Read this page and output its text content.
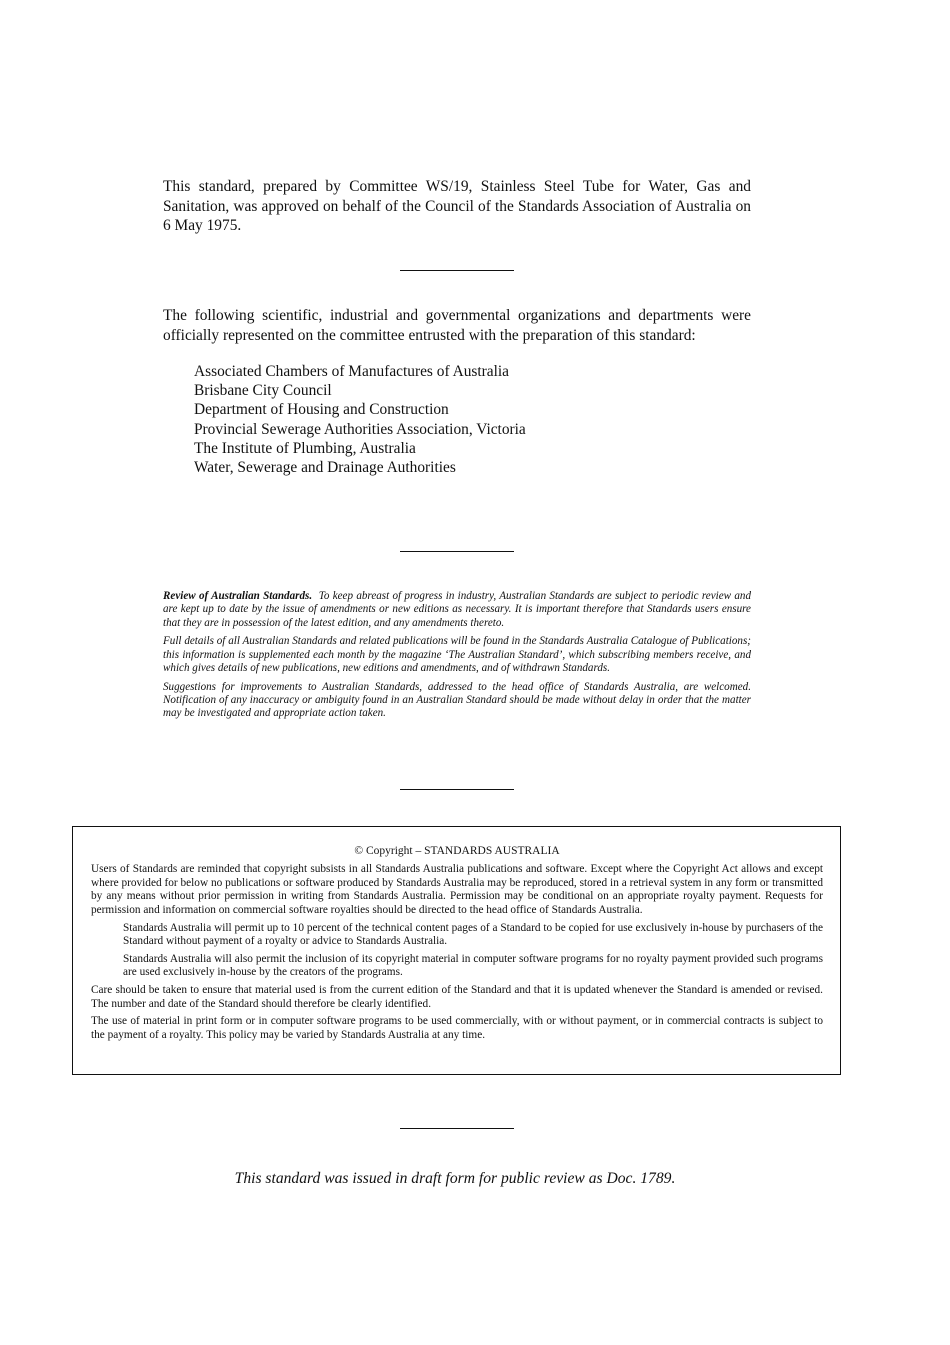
This standard, prepared by Committee WS/19, Stainless Steel Tube for Water, Gas and Sanitation, was approved on behalf of the Council of the Standards Association of Australia on 6 May 1975.
The following scientific, industrial and governmental organizations and departments were officially represented on the committee entrusted with the preparation of this standard:
Associated Chambers of Manufactures of Australia
Brisbane City Council
Department of Housing and Construction
Provincial Sewerage Authorities Association, Victoria
The Institute of Plumbing, Australia
Water, Sewerage and Drainage Authorities

Review of Australian Standards. To keep abreast of progress in industry, Australian Standards are subject to periodic review and are kept up to date by the issue of amendments or new editions as necessary. It is important therefore that Standards users ensure that they are in possession of the latest edition, and any amendments thereto.

Full details of all Australian Standards and related publications will be found in the Standards Australia Catalogue of Publications; this information is supplemented each month by the magazine ‘The Australian Standard’, which subscribing members receive, and which gives details of new publications, new editions and amendments, and of withdrawn Standards.

Suggestions for improvements to Australian Standards, addressed to the head office of Standards Australia, are welcomed. Notification of any inaccuracy or ambiguity found in an Australian Standard should be made without delay in order that the matter may be investigated and appropriate action taken.

© Copyright ‒ STANDARDS AUSTRALIA

Users of Standards are reminded that copyright subsists in all Standards Australia publications and software. Except where the Copyright Act allows and except where provided for below no publications or software produced by Standards Australia may be reproduced, stored in a retrieval system in any form or transmitted by any means without prior permission in writing from Standards Australia. Permission may be conditional on an appropriate royalty payment. Requests for permission and information on commercial software royalties should be directed to the head office of Standards Australia.

Standards Australia will permit up to 10 percent of the technical content pages of a Standard to be copied for use exclusively in-house by purchasers of the Standard without payment of a royalty or advice to Standards Australia.

Standards Australia will also permit the inclusion of its copyright material in computer software programs for no royalty payment provided such programs are used exclusively in-house by the creators of the programs.

Care should be taken to ensure that material used is from the current edition of the Standard and that it is updated whenever the Standard is amended or revised. The number and date of the Standard should therefore be clearly identified.

The use of material in print form or in computer software programs to be used commercially, with or without payment, or in commercial contracts is subject to the payment of a royalty. This policy may be varied by Standards Australia at any time.

This standard was issued in draft form for public review as Doc. 1789.
